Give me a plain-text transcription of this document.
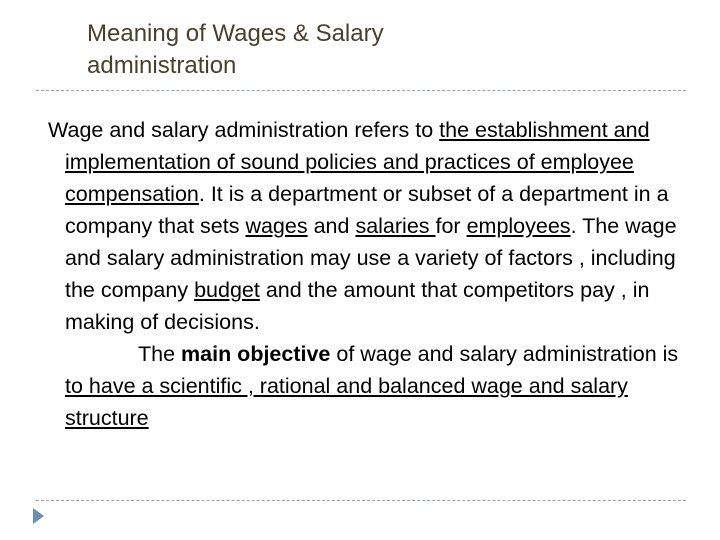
Meaning of Wages & Salary
administration
Wage and salary administration refers to the establishment and implementation of sound policies and practices of employee compensation. It is a department or subset of a department in a company that sets wages and salaries for employees. The wage and salary administration may use a variety of factors , including the company budget and the amount that competitors pay , in making of decisions.
The main objective of wage and salary administration is to have a scientific , rational and balanced wage and salary structure
